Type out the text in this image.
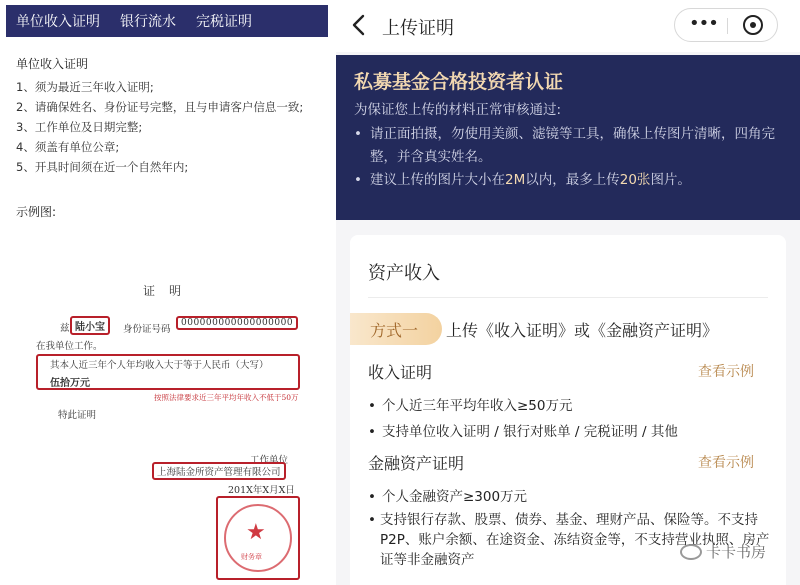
单位收入证明 银行流水 完税证明
单位收入证明
1、须为最近三年收入证明;
2、请确保姓名、身份证号完整，且与申请客户信息一致;
3、工作单位及日期完整;
4、须盖有单位公章;
5、开具时间须在近一个自然年内;
示例图:
证明
兹 陆小宝	身份证号码
000000000000000000
在我单位工作。
其本人近三年个人年均收入大于等于人民币（大写）
伍拾万元
按照法律要求近三年平均年收入不低于50万
特此证明
工作单位
上海陆金所资产管理有限公司
201X年X月X日
★
财务章
上传证明	•••
私募基金合格投资者认证
为保证您上传的材料正常审核通过:
• 请正面拍摄，勿使用美颜、滤镜等工具，确保上传图片清晰，四角完整，并含真实姓名。
• 建议上传的图片大小在2M以内，最多上传20张图片。
资产收入
方式一 上传《收入证明》或《金融资产证明》
收入证明	查看示例
• 个人近三年平均年收入≥50万元
• 支持单位收入证明 / 银行对账单 / 完税证明 / 其他
金融资产证明	查看示例
• 个人金融资产≥300万元
• 支持银行存款、股票、债券、基金、理财产品、保险等。不支持P2P、账户余额、在途资金、冻结资金等，不支持营业执照、房产证等非金融资产	卡卡书房
